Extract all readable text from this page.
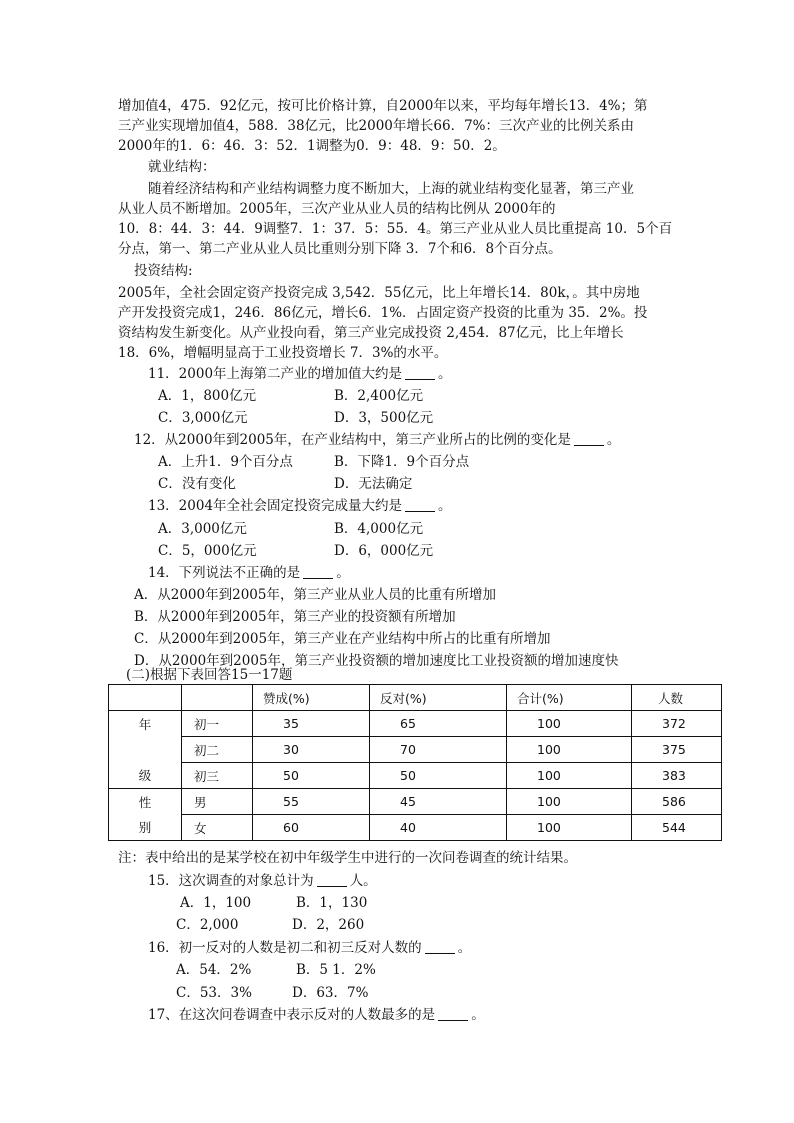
增加值4，475．92亿元，按可比价格计算，自2000年以来，平均每年增长13．4%；第
三产业实现增加值4，588．38亿元，比2000年增长66．7%：三次产业的比例关系由
2000年的1．6：46．3：52．1调整为0．9：48．9：50．2。
就业结构：
随着经济结构和产业结构调整力度不断加大，上海的就业结构变化显著，第三产业
从业人员不断增加。2005年，三次产业从业人员的结构比例从 2000年的
10．8：44．3：44．9调整7．1：37．5：55．4。第三产业从业人员比重提高 10．5个百
分点，第一、第二产业从业人员比重则分别下降 3．7个和6．8个百分点。
投资结构:
2005年，全社会固定资产投资完成 3,542．55亿元，比上年增长14．80k，。其中房地
产开发投资完成1，246．86亿元，增长6．1%．占固定资产投资的比重为 35．2%。投
资结构发生新变化。从产业投向看，第三产业完成投资 2,454．87亿元，比上年增长
18．6%，增幅明显高于工业投资增长 7．3%的水平。
11．2000年上海第二产业的增加值大约是	。
A．1，800亿元	B．2,400亿元
C．3,000亿元	D．3，500亿元
12．从2000年到2005年，在产业结构中，第三产业所占的比例的变化是	。
A．上升1．9个百分点	B．下降1．9个百分点
C．没有变化	D．无法确定
13．2004年全社会固定投资完成量大约是	。
A．3,000亿元	B．4,000亿元
C．5，000亿元	D．6，000亿元
14．下列说法不正确的是	。
A．从2000年到2005年，第三产业从业人员的比重有所增加
B．从2000年到2005年，第三产业的投资额有所增加
C．从2000年到2005年，第三产业在产业结构中所占的比重有所增加
D．从2000年到2005年，第三产业投资额的增加速度比工业投资额的增加速度快
(二)根据下表回答15一17题
		赞成(%)	反对(%)	合计(%)	人数
年	初一	35	65	100	372
	初二	30	70	100	375
级	初三	50	50	100	383
性	男	55	45	100	586
别	女	60	40	100	544
注：表中给出的是某学校在初中年级学生中进行的一次问卷调查的统计结果。
15．这次调查的对象总计为	人。
A．1，100	B．1，130
C．2,000	D．2，260
16．初一反对的人数是初二和初三反对人数的	。
A．54．2%	B．5 1．2%
C．53．3%	D．63．7%
17、在这次问卷调查中表示反对的人数最多的是	。
